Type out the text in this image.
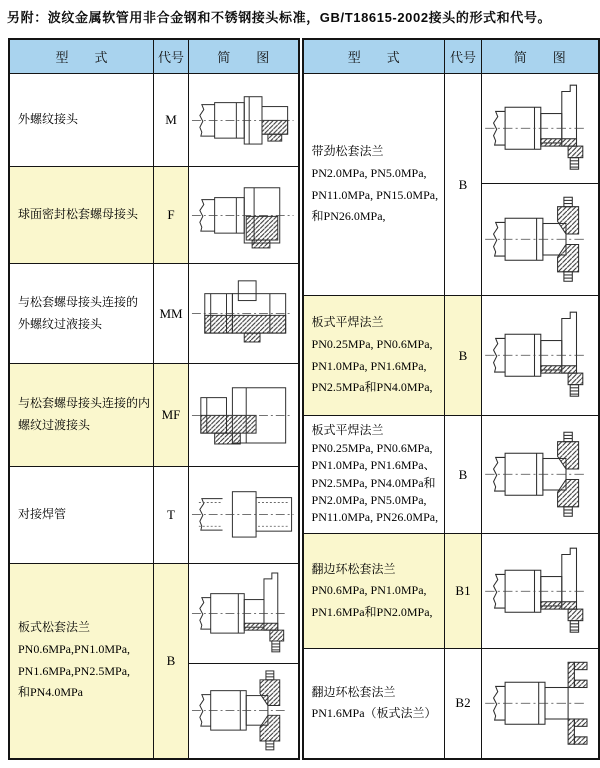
另附：波纹金属软管用非合金钢和不锈钢接头标准，GB/T18615-2002接头的形式和代号。
型　　式	代号	简　　图

外螺纹接头	M	

球面密封松套螺母接头	F	

与松套螺母接头连接的
外螺纹过液接头	MM	

与松套螺母接头连接的内
螺纹过渡接头	MF	

对接焊管	T	

板式松套法兰
PN0.6MPa,PN1.0MPa,
PN1.6MPa,PN2.5MPa,
和PN4.0MPa	B	

型　　式	代号	简　　图

带劲松套法兰
PN2.0MPa, PN5.0MPa,
PN11.0MPa, PN15.0MPa,
和PN26.0MPa,	B	

板式平焊法兰
PN0.25MPa, PN0.6MPa,
PN1.0MPa, PN1.6MPa,
PN2.5MPa和PN4.0MPa,	B	

板式平焊法兰
PN0.25MPa, PN0.6MPa,
PN1.0MPa, PN1.6MPa、
PN2.5MPa, PN4.0MPa和
PN2.0MPa, PN5.0MPa,
PN11.0MPa, PN26.0MPa,
	B	

翻边环松套法兰
PN0.6MPa, PN1.0MPa,
PN1.6MPa和PN2.0MPa,	B1	

翻边环松套法兰
PN1.6MPa（板式法兰）	B2	
